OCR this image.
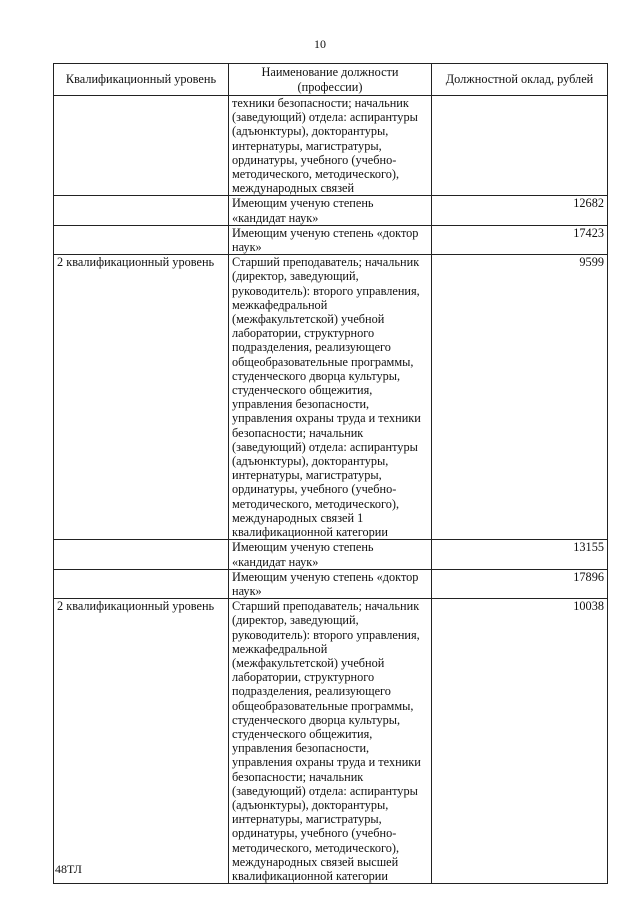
10
Квалификационный уровень	Наименование должности (профессии)	Должностной оклад, рублей
	техники безопасности; начальник (заведующий) отдела: аспирантуры (адъюнктуры), докторантуры, интернатуры, магистратуры, ординатуры, учебного (учебно-методического, методического), международных связей	
	Имеющим ученую степень «кандидат наук»	12682
	Имеющим ученую степень «доктор наук»	17423
2 квалификационный уровень	Старший преподаватель; начальник (директор, заведующий, руководитель): второго управления, межкафедральной (межфакультетской) учебной лаборатории, структурного подразделения, реализующего общеобразовательные программы, студенческого дворца культуры, студенческого общежития, управления безопасности, управления охраны труда и техники безопасности; начальник (заведующий) отдела: аспирантуры (адъюнктуры), докторантуры, интернатуры, магистратуры, ординатуры, учебного (учебно-методического, методического), международных связей 1 квалификационной категории	9599
	Имеющим ученую степень «кандидат наук»	13155
	Имеющим ученую степень «доктор наук»	17896
2 квалификационный уровень	Старший преподаватель; начальник (директор, заведующий, руководитель): второго управления, межкафедральной (межфакультетской) учебной лаборатории, структурного подразделения, реализующего общеобразовательные программы, студенческого дворца культуры, студенческого общежития, управления безопасности, управления охраны труда и техники безопасности; начальник (заведующий) отдела: аспирантуры (адъюнктуры), докторантуры, интернатуры, магистратуры, ординатуры, учебного (учебно-методического, методического), международных связей высшей квалификационной категории	10038
48ТЛ
